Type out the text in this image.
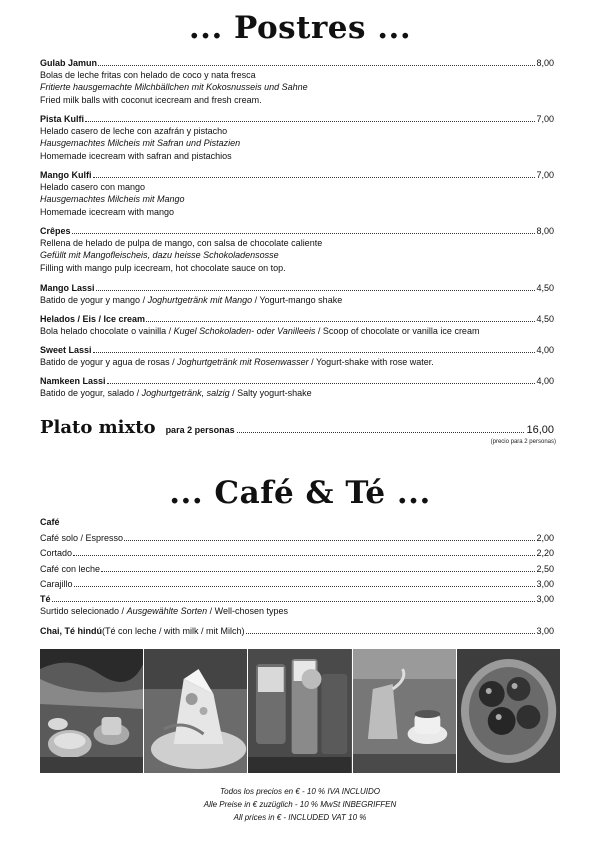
... Postres ...
Gulab Jamun	8,00
Bolas de leche fritas con helado de coco y nata fresca
Fritierte hausgemachte Milchbällchen mit Kokosnusseis und Sahne
Fried milk balls with coconut icecream and fresh cream.
Pista Kulfi	7,00
Helado casero de leche con azafrán y pistacho
Hausgemachtes Milcheis mit Safran und Pistazien
Homemade icecream with safran and pistachios
Mango Kulfi	7,00
Helado casero con mango
Hausgemachtes Milcheis mit Mango
Homemade icecream with mango
Crêpes	8,00
Rellena de helado de pulpa de mango, con salsa de chocolate caliente
Gefüllt mit Mangofleischeis, dazu heisse Schokoladensosse
Filling with mango pulp icecream, hot chocolate sauce on top.
Mango Lassi	4,50
Batido de yogur y mango / Joghurtgetränk mit Mango / Yogurt-mango shake
Helados / Eis / Ice cream	4,50
Bola helado chocolate o vainilla / Kugel Schokoladen- oder Vanilleeis / Scoop of chocolate or vanilla ice cream
Sweet Lassi	4,00
Batido de yogur y agua de rosas / Joghurtgetränk mit Rosenwasser / Yogurt-shake with rose water.
Namkeen Lassi	4,00
Batido de yogur, salado / Joghurtgetränk, salzig / Salty yogurt-shake
Plato mixto para 2 personas	16,00
(precio para 2 personas)
... Café & Té ...
Café
Café solo / Espresso	2,00
Cortado	2,20
Café con leche	2,50
Carajillo	3,00
Té	3,00
Surtido selecionado / Ausgewählte Sorten / Well-chosen types
Chai, Té hindú (Té con leche / with milk / mit Milch)	3,00
Todos los precios en € - 10 % IVA INCLUIDO
Alle Preise in € zuzüglich - 10 % MwSt INBEGRIFFEN
All prices in € - INCLUDED VAT 10 %
